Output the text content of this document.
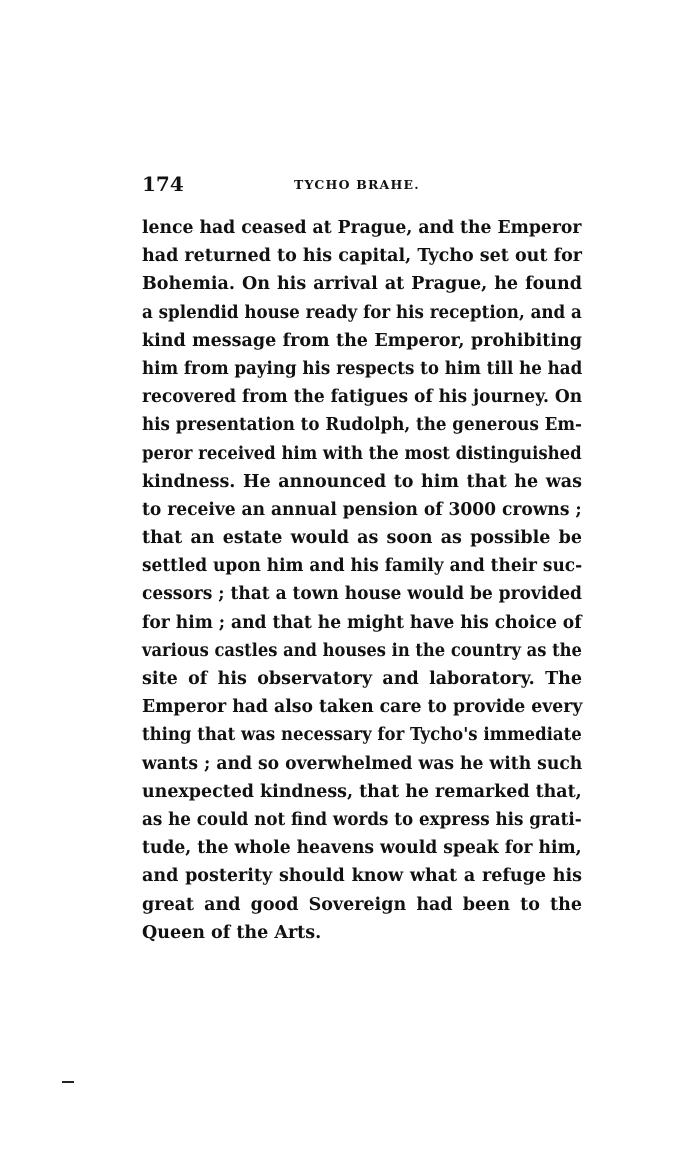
174	TYCHO BRAHE.
lence had ceased at Prague, and the Emperor
had returned to his capital, Tycho set out for
Bohemia. On his arrival at Prague, he found
a splendid house ready for his reception, and a
kind message from the Emperor, prohibiting
him from paying his respects to him till he had
recovered from the fatigues of his journey. On
his presentation to Rudolph, the generous Em-
peror received him with the most distinguished
kindness. He announced to him that he was
to receive an annual pension of 3000 crowns ;
that an estate would as soon as possible be
settled upon him and his family and their suc-
cessors ; that a town house would be provided
for him ; and that he might have his choice of
various castles and houses in the country as the
site of his observatory and laboratory. The
Emperor had also taken care to provide every
thing that was necessary for Tycho's immediate
wants ; and so overwhelmed was he with such
unexpected kindness, that he remarked that,
as he could not find words to express his grati-
tude, the whole heavens would speak for him,
and posterity should know what a refuge his
great and good Sovereign had been to the
Queen of the Arts.
